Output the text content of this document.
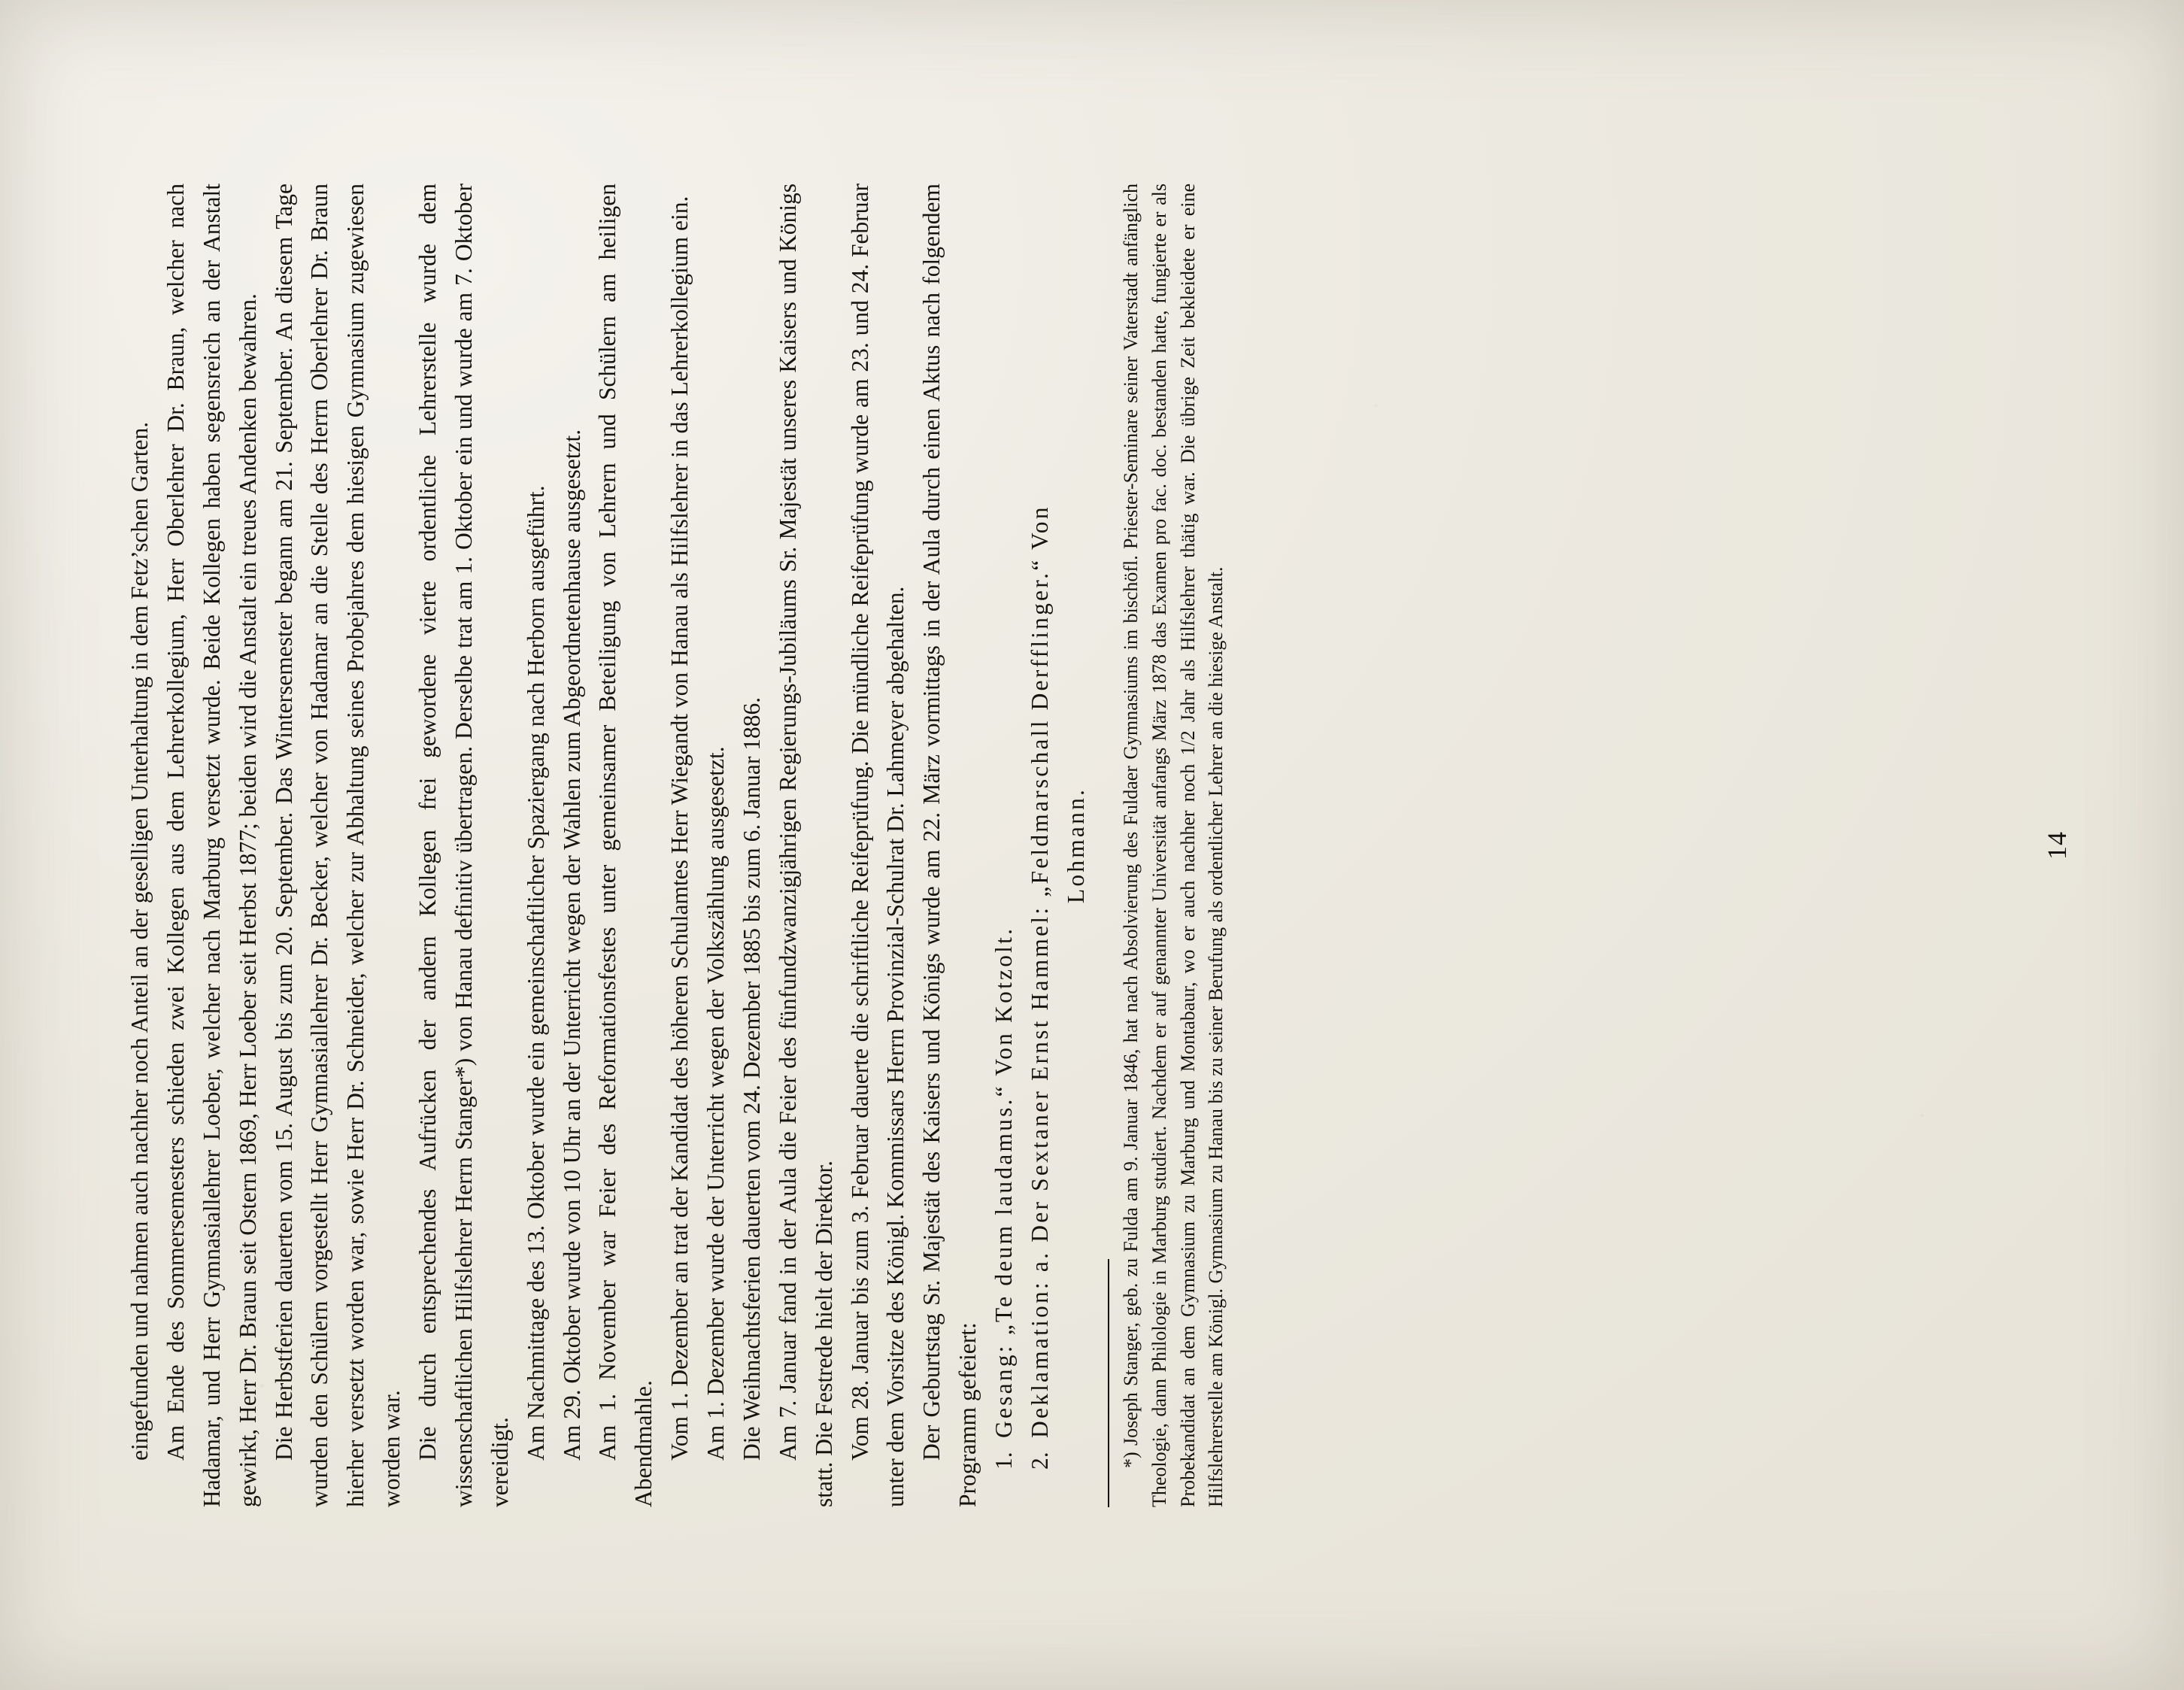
eingefunden und nahmen auch nachher noch Anteil an der geselligen Unterhaltung in dem Fetz’schen Garten. Am Ende des Sommersemesters schieden zwei Kollegen aus dem Lehrerkollegium, Herr Oberlehrer Dr. Braun, welcher nach Hadamar, und Herr Gymnasiallehrer Loeber, welcher nach Marburg versetzt wurde. Beide Kollegen haben segensreich an der Anstalt gewirkt, Herr Dr. Braun seit Ostern 1869, Herr Loeber seit Herbst 1877; beiden wird die Anstalt ein treues Andenken bewahren. Die Herbstferien dauerten vom 15. August bis zum 20. September. Das Wintersemester begann am 21. September. An diesem Tage wurden den Schülern vorgestellt Herr Gymnasiallehrer Dr. Becker, welcher von Hadamar an die Stelle des Herrn Oberlehrer Dr. Braun hierher versetzt worden war, sowie Herr Dr. Schneider, welcher zur Abhaltung seines Probejahres dem hiesigen Gymnasium zugewiesen worden war. Die durch entsprechendes Aufrücken der andern Kollegen frei gewordene vierte ordentliche Lehrerstelle wurde dem wissenschaftlichen Hilfslehrer Herrn Stanger*) von Hanau definitiv übertragen. Derselbe trat am 1. Oktober ein und wurde am 7. Oktober vereidigt.

Am Nachmittage des 13. Oktober wurde ein gemeinschaftlicher Spaziergang nach Herborn ausgeführt. Am 29. Oktober wurde von 10 Uhr an der Unterricht wegen der Wahlen zum Abgeordnetenhause ausgesetzt. Am 1. November war Feier des Reformationsfestes unter gemeinsamer Beteiligung von Lehrern und Schülern am heiligen Abendmahle. Vom 1. Dezember an trat der Kandidat des höheren Schulamtes Herr Wiegandt von Hanau als Hilfslehrer in das Lehrerkollegium ein. Am 1. Dezember wurde der Unterricht wegen der Volkszählung ausgesetzt. Die Weihnachtsferien dauerten vom 24. Dezember 1885 bis zum 6. Januar 1886. Am 7. Januar fand in der Aula die Feier des fünfundzwanzigjährigen Regierungs-Jubiläums Sr. Majestät unseres Kaisers und Königs statt. Die Festrede hielt der Direktor. Vom 28. Januar bis zum 3. Februar dauerte die schriftliche Reifeprüfung. Die mündliche Reifeprüfung wurde am 23. und 24. Februar unter dem Vorsitze des Königl. Kommissars Herrn Provinzial-Schulrat Dr. Lahmeyer abgehalten. Der Geburtstag Sr. Majestät des Kaisers und Königs wurde am 22. März vormittags in der Aula durch einen Aktus nach folgendem Programm gefeiert: 1.Gesang: „Te deum laudamus.“ Von Kotzolt.

2.Deklamation: a. Der Sextaner Ernst Hammel: „Feldmarschall Derfflinger.“ Von Lohmann. *) Joseph Stanger, geb. zu Fulda am 9. Januar 1846, hat nach Absolvierung des Fuldaer Gymnasiums im bischöfl. Priester-Seminare seiner Vaterstadt anfänglich Theologie, dann Philologie in Marburg studiert. Nachdem er auf genannter Universität anfangs März 1878 das Examen pro fac. doc. bestanden hatte, fungierte er als Probekandidat an dem Gymnasium zu Marburg und Montabaur, wo er auch nachher noch 1/2 Jahr als Hilfslehrer thätig war. Die übrige Zeit bekleidete er eine Hilfslehrerstelle am Königl. Gymnasium zu Hanau bis zu seiner Berufung als ordentlicher Lehrer an die hiesige Anstalt.	14
